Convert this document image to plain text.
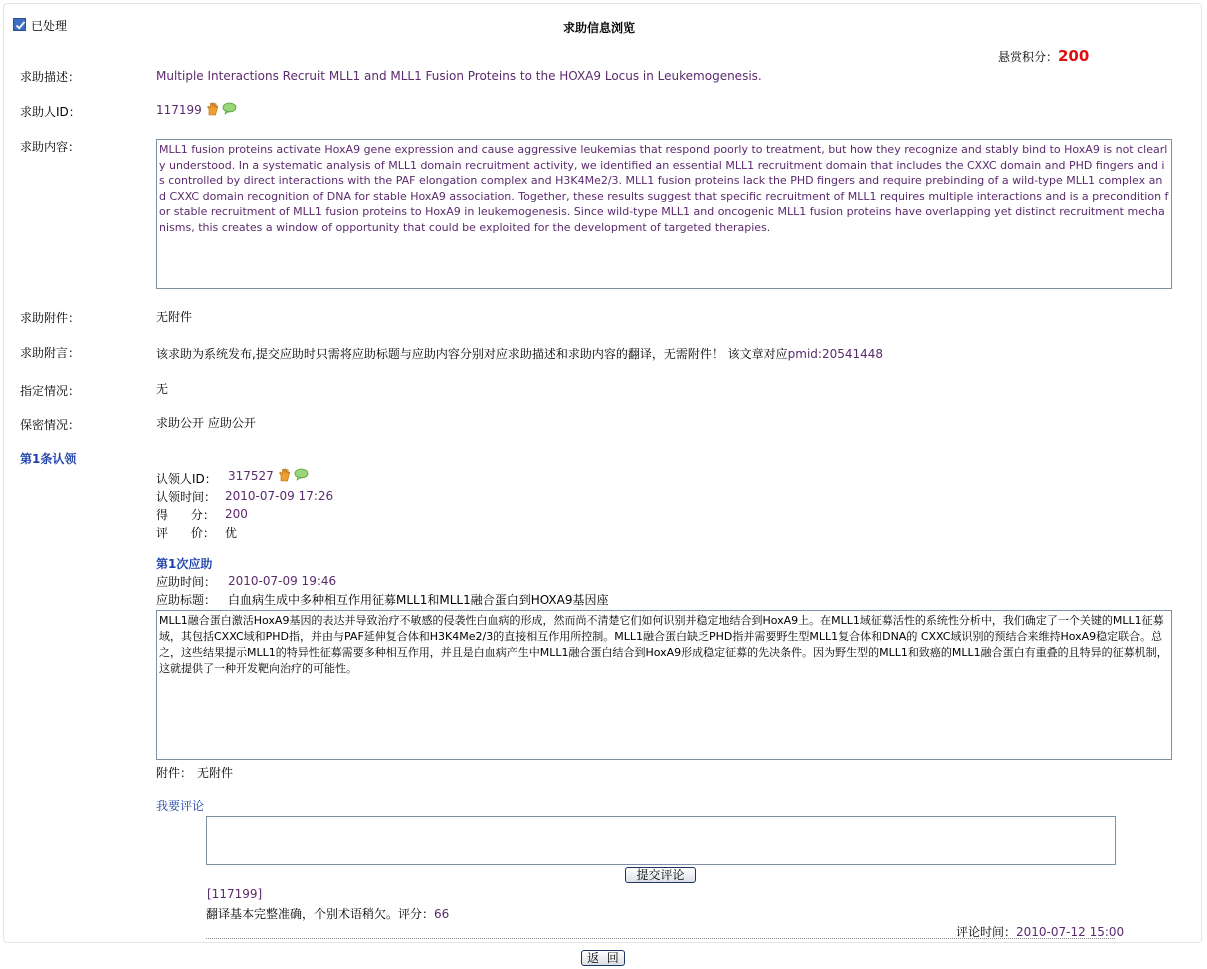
已处理	求助信息浏览
悬赏积分： 200
求助描述：	Multiple Interactions Recruit MLL1 and MLL1 Fusion Proteins to the HOXA9 Locus in Leukemogenesis.
求助人ID：	117199
求助内容：	MLL1 fusion proteins activate HoxA9 gene expression and cause aggressive leukemias that respond poorly to treatment, but how they recognize and stably bind to HoxA9 is not clearly understood. In a systematic analysis of MLL1 domain recruitment activity, we identified an essential MLL1 recruitment domain that includes the CXXC domain and PHD fingers and is controlled by direct interactions with the PAF elongation complex and H3K4Me2/3. MLL1 fusion proteins lack the PHD fingers and require prebinding of a wild-type MLL1 complex and CXXC domain recognition of DNA for stable HoxA9 association. Together, these results suggest that specific recruitment of MLL1 requires multiple interactions and is a precondition for stable recruitment of MLL1 fusion proteins to HoxA9 in leukemogenesis. Since wild-type MLL1 and oncogenic MLL1 fusion proteins have overlapping yet distinct recruitment mechanisms, this creates a window of opportunity that could be exploited for the development of targeted therapies.
求助附件：	无附件
求助附言：	该求助为系统发布,提交应助时只需将应助标题与应助内容分别对应求助描述和求助内容的翻译，无需附件！ 该文章对应pmid:20541448
指定情况：	无
保密情况：	求助公开 应助公开
第1条认领
认领人ID： 317527
认领时间： 2010-07-09 17:26
得      分： 200
评      价： 优
第1次应助
应助时间： 2010-07-09 19:46
应助标题： 白血病生成中多种相互作用征募MLL1和MLL1融合蛋白到HOXA9基因座
MLL1融合蛋白激活HoxA9基因的表达并导致治疗不敏感的侵袭性白血病的形成，然而尚不清楚它们如何识别并稳定地结合到HoxA9上。在MLL1域征募活性的系统性分析中，我们确定了一个关键的MLL1征募域，其包括CXXC域和PHD指，并由与PAF延伸复合体和H3K4Me2/3的直接相互作用所控制。MLL1融合蛋白缺乏PHD指并需要野生型MLL1复合体和DNA的 CXXC域识别的预结合来维持HoxA9稳定联合。总之，这些结果提示MLL1的特异性征募需要多种相互作用，并且是白血病产生中MLL1融合蛋白结合到HoxA9形成稳定征募的先决条件。因为野生型的MLL1和致癌的MLL1融合蛋白有重叠的且特异的征募机制，这就提供了一种开发靶向治疗的可能性。
附件： 无附件
我要评论
提交评论
[117199]
翻译基本完整准确，个别术语稍欠。评分：66
评论时间：2010-07-12 15:00
返  回
